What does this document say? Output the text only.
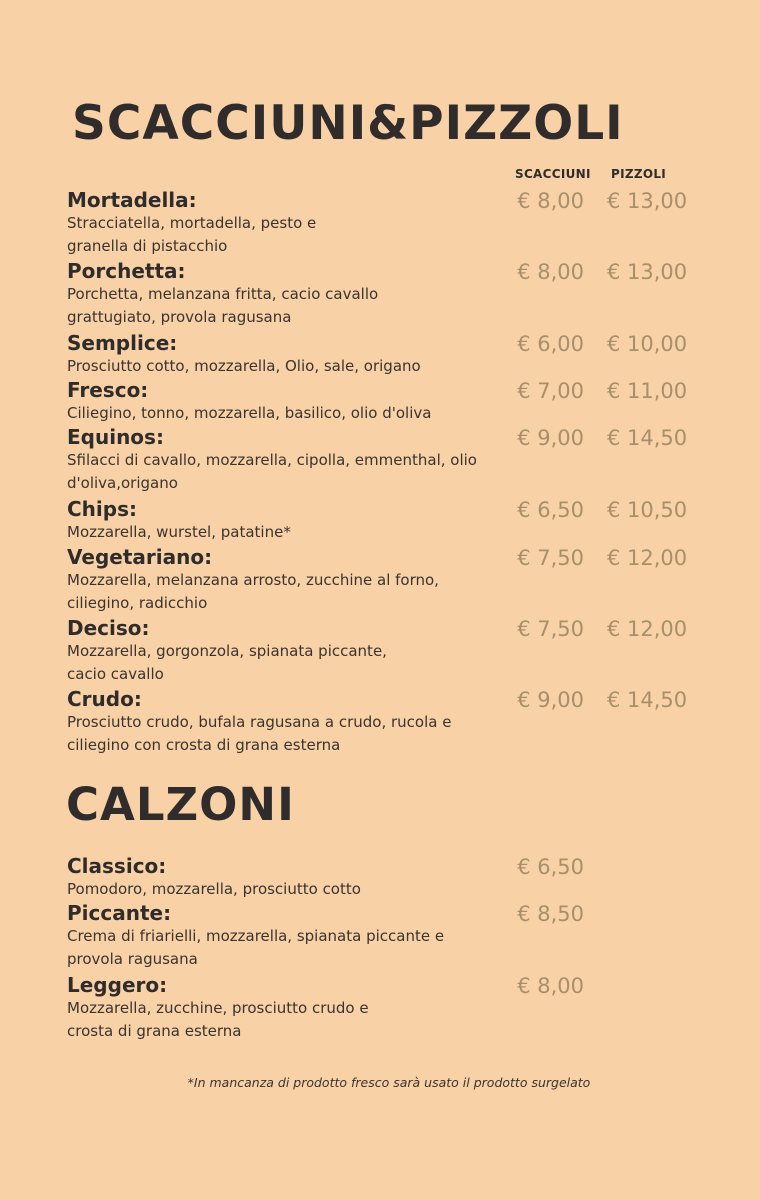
SCACCIUNI&PIZZOLI
SCACCIUNI PIZZOLI
Mortadella:
Stracciatella, mortadella, pesto e granella di pistacchio
€ 8,00 € 13,00
Porchetta:
Porchetta, melanzana fritta, cacio cavallo grattugiato, provola ragusana
€ 8,00 € 13,00
Semplice:
Prosciutto cotto, mozzarella, Olio, sale, origano
€ 6,00 € 10,00
Fresco:
Ciliegino, tonno, mozzarella, basilico, olio d'oliva
€ 7,00 € 11,00
Equinos:
Sfilacci di cavallo, mozzarella, cipolla, emmenthal, olio d'oliva,origano
€ 9,00 € 14,50
Chips:
Mozzarella, wurstel, patatine*
€ 6,50 € 10,50
Vegetariano:
Mozzarella, melanzana arrosto, zucchine al forno, ciliegino, radicchio
€ 7,50 € 12,00
Deciso:
Mozzarella, gorgonzola, spianata piccante, cacio cavallo
€ 7,50 € 12,00
Crudo:
Prosciutto crudo, bufala ragusana a crudo, rucola e ciliegino con crosta di grana esterna
€ 9,00 € 14,50
CALZONI
Classico:
Pomodoro, mozzarella, prosciutto cotto
€ 6,50
Piccante:
Crema di friarielli, mozzarella, spianata piccante e provola ragusana
€ 8,50
Leggero:
Mozzarella, zucchine, prosciutto crudo e crosta di grana esterna
€ 8,00
*In mancanza di prodotto fresco sarà usato il prodotto surgelato
